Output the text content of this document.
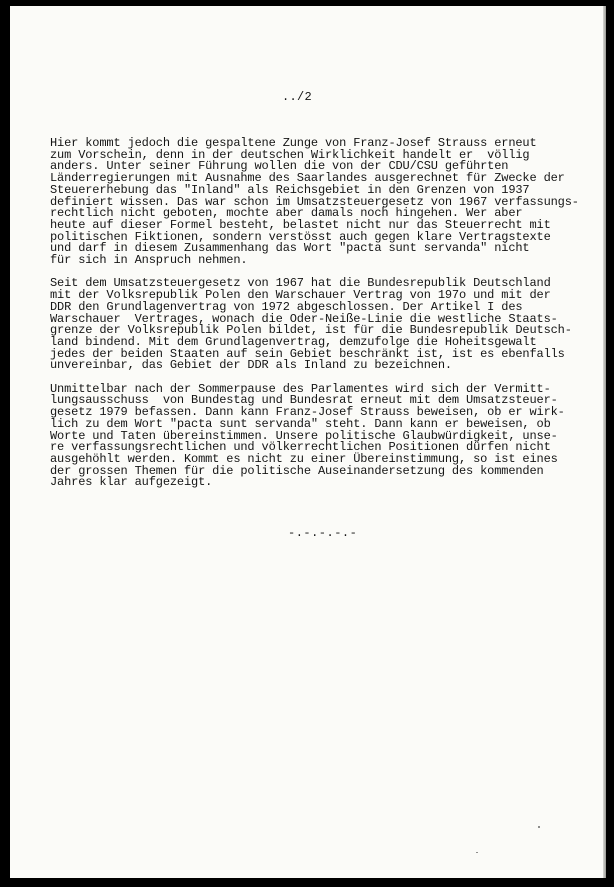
../2

Hier kommt jedoch die gespaltene Zunge von Franz-Josef Strauss erneut
zum Vorschein, denn in der deutschen Wirklichkeit handelt er  völlig
anders. Unter seiner Führung wollen die von der CDU/CSU geführten
Länderregierungen mit Ausnahme des Saarlandes ausgerechnet für Zwecke der
Steuererhebung das "Inland" als Reichsgebiet in den Grenzen von 1937
definiert wissen. Das war schon im Umsatzsteuergesetz von 1967 verfassungs-
rechtlich nicht geboten, mochte aber damals noch hingehen. Wer aber
heute auf dieser Formel besteht, belastet nicht nur das Steuerrecht mit
politischen Fiktionen, sondern verstösst auch gegen klare Vertragstexte
und darf in diesem Zusammenhang das Wort "pacta sunt servanda" nicht
für sich in Anspruch nehmen.

Seit dem Umsatzsteuergesetz von 1967 hat die Bundesrepublik Deutschland
mit der Volksrepublik Polen den Warschauer Vertrag von 197o und mit der
DDR den Grundlagenvertrag von 1972 abgeschlossen. Der Artikel I des
Warschauer  Vertrages, wonach die Oder-Neiße-Linie die westliche Staats-
grenze der Volksrepublik Polen bildet, ist für die Bundesrepublik Deutsch-
land bindend. Mit dem Grundlagenvertrag, demzufolge die Hoheitsgewalt
jedes der beiden Staaten auf sein Gebiet beschränkt ist, ist es ebenfalls
unvereinbar, das Gebiet der DDR als Inland zu bezeichnen.

Unmittelbar nach der Sommerpause des Parlamentes wird sich der Vermitt-
lungsausschuss  von Bundestag und Bundesrat erneut mit dem Umsatzsteuer-
gesetz 1979 befassen. Dann kann Franz-Josef Strauss beweisen, ob er wirk-
lich zu dem Wort "pacta sunt servanda" steht. Dann kann er beweisen, ob
Worte und Taten übereinstimmen. Unsere politische Glaubwürdigkeit, unse-
re verfassungsrechtlichen und völkerrechtlichen Positionen dürfen nicht
ausgehöhlt werden. Kommt es nicht zu einer Übereinstimmung, so ist eines
der grossen Themen für die politische Auseinandersetzung des kommenden
Jahres klar aufgezeigt.

-.-.-.-.-
